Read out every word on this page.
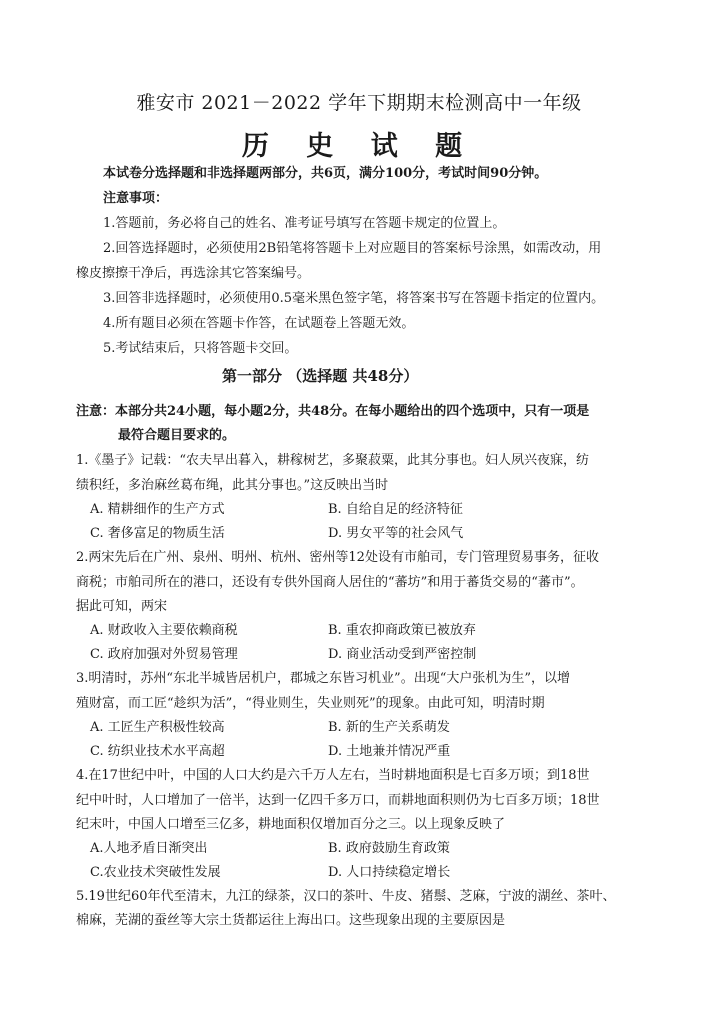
雅安市 2021－2022 学年下期期末检测高中一年级
历 史 试 题
本试卷分选择题和非选择题两部分，共6页，满分100分，考试时间90分钟。
注意事项：
1.答题前，务必将自己的姓名、准考证号填写在答题卡规定的位置上。
2.回答选择题时，必须使用2B铅笔将答题卡上对应题目的答案标号涂黑，如需改动，用
橡皮擦擦干净后，再选涂其它答案编号。
3.回答非选择题时，必须使用0.5毫米黑色签字笔，将答案书写在答题卡指定的位置内。
4.所有题目必须在答题卡作答，在试题卷上答题无效。
5.考试结束后，只将答题卡交回。
第一部分 （选择题 共48分）
注意：本部分共24小题，每小题2分，共48分。在每小题给出的四个选项中，只有一项是
最符合题目要求的。
1.《墨子》记载：“农夫早出暮入，耕稼树艺，多聚菽粟，此其分事也。妇人夙兴夜寐，纺
绩积纴，多治麻丝葛布绳，此其分事也。”这反映出当时
A. 精耕细作的生产方式	B. 自给自足的经济特征
C. 奢侈富足的物质生活	D. 男女平等的社会风气
2.两宋先后在广州、泉州、明州、杭州、密州等12处设有市舶司，专门管理贸易事务，征收
商税；市舶司所在的港口，还设有专供外国商人居住的“蕃坊”和用于蕃货交易的“蕃市”。
据此可知，两宋
A. 财政收入主要依赖商税	B. 重农抑商政策已被放弃
C. 政府加强对外贸易管理	D. 商业活动受到严密控制
3.明清时，苏州“东北半城皆居机户，郡城之东皆习机业”。出现“大户张机为生”，以增
殖财富，而工匠“趁织为活”，“得业则生，失业则死”的现象。由此可知，明清时期
A. 工匠生产积极性较高	B. 新的生产关系萌发
C. 纺织业技术水平高超	D. 土地兼并情况严重
4.在17世纪中叶，中国的人口大约是六千万人左右，当时耕地面积是七百多万顷；到18世
纪中叶时，人口增加了一倍半，达到一亿四千多万口，而耕地面积则仍为七百多万顷；18世
纪末叶，中国人口增至三亿多，耕地面积仅增加百分之三。以上现象反映了
A.人地矛盾日渐突出	B. 政府鼓励生育政策
C.农业技术突破性发展	D. 人口持续稳定增长
5.19世纪60年代至清末，九江的绿茶，汉口的茶叶、牛皮、猪鬃、芝麻，宁波的湖丝、茶叶、
棉麻，芜湖的蚕丝等大宗土货都运往上海出口。这些现象出现的主要原因是
